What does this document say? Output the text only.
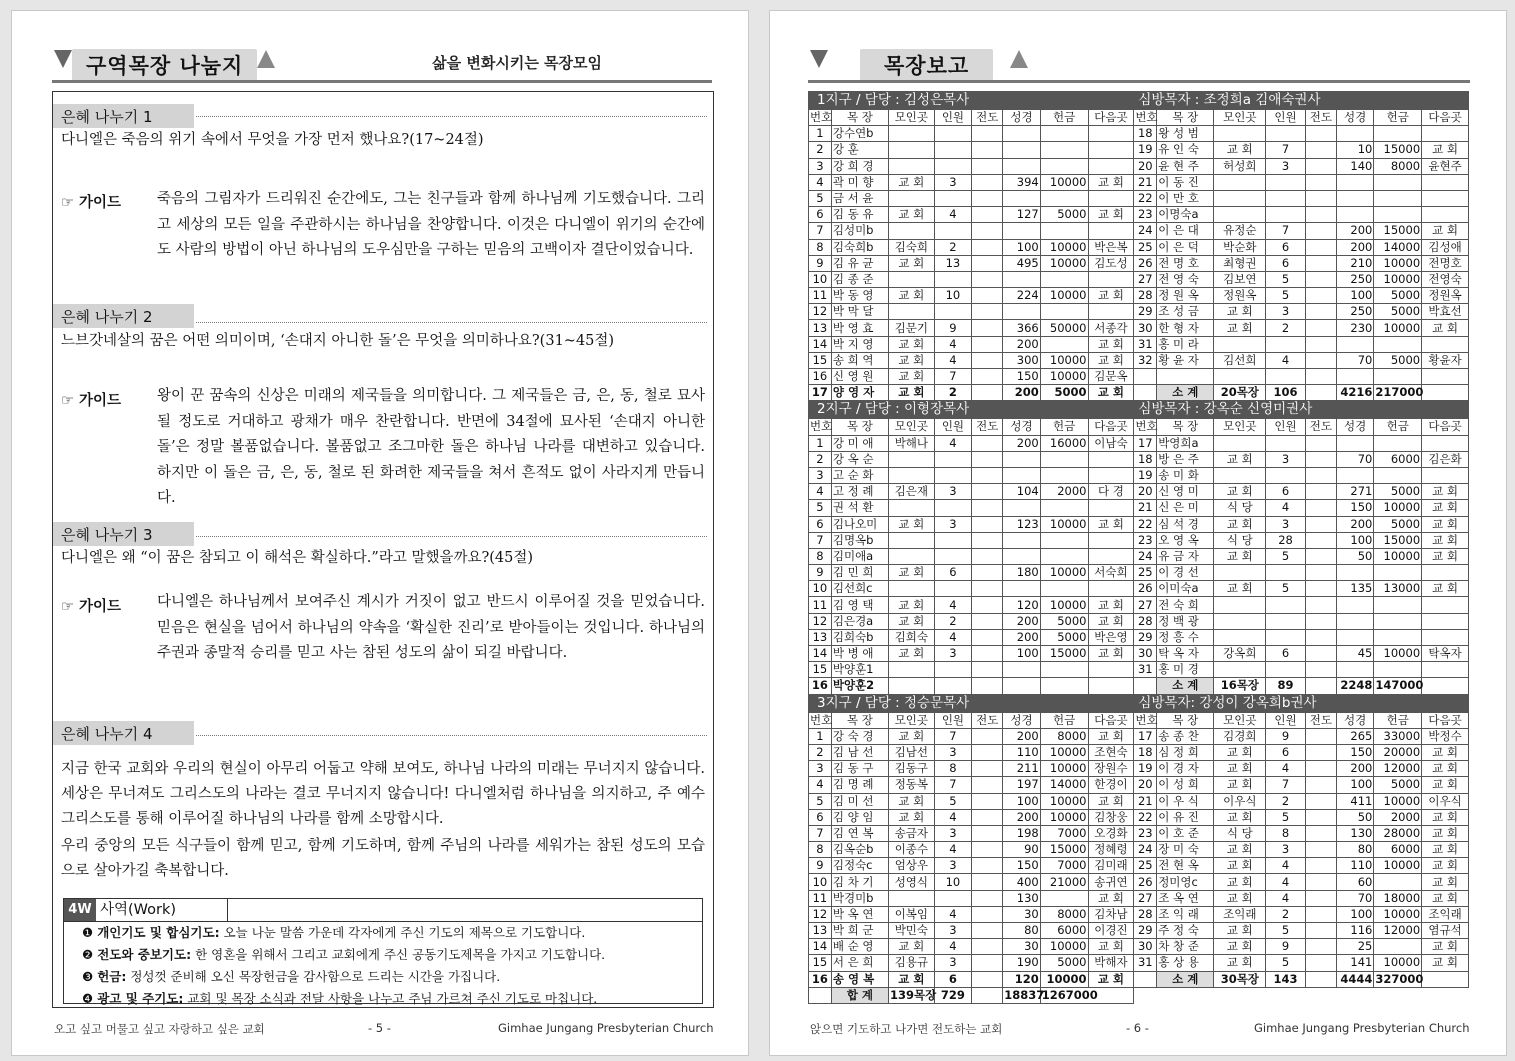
구역목장 나눔지	삶을 변화시키는 목장모임
은혜 나누기 1
다니엘은 죽음의 위기 속에서 무엇을 가장 먼저 했나요?(17~24절)
☞ 가이드 죽음의 그림자가 드리워진 순간에도, 그는 친구들과 함께 하나님께 기도했습니다. 그리고 세상의 모든 일을 주관하시는 하나님을 찬양합니다. 이것은 다니엘이 위기의 순간에도 사람의 방법이 아닌 하나님의 도우심만을 구하는 믿음의 고백이자 결단이었습니다.
은혜 나누기 2
느브갓네살의 꿈은 어떤 의미이며, ‘손대지 아니한 돌’은 무엇을 의미하나요?(31~45절)
☞ 가이드 왕이 꾼 꿈속의 신상은 미래의 제국들을 의미합니다. 그 제국들은 금, 은, 동, 철로 묘사될 정도로 거대하고 광채가 매우 찬란합니다. 반면에 34절에 묘사된 ‘손대지 아니한 돌’은 정말 볼품없습니다. 볼품없고 조그마한 돌은 하나님 나라를 대변하고 있습니다. 하지만 이 돌은 금, 은, 동, 철로 된 화려한 제국들을 쳐서 흔적도 없이 사라지게 만듭니다.
은혜 나누기 3
다니엘은 왜 “이 꿈은 참되고 이 해석은 확실하다.”라고 말했을까요?(45절)
☞ 가이드 다니엘은 하나님께서 보여주신 계시가 거짓이 없고 반드시 이루어질 것을 믿었습니다. 믿음은 현실을 넘어서 하나님의 약속을 ‘확실한 진리’로 받아들이는 것입니다. 하나님의 주권과 종말적 승리를 믿고 사는 참된 성도의 삶이 되길 바랍니다.
은혜 나누기 4
지금 한국 교회와 우리의 현실이 아무리 어둡고 약해 보여도, 하나님 나라의 미래는 무너지지 않습니다. 세상은 무너져도 그리스도의 나라는 결코 무너지지 않습니다! 다니엘처럼 하나님을 의지하고, 주 예수 그리스도를 통해 이루어질 하나님의 나라를 함께 소망합시다.
우리 중앙의 모든 식구들이 함께 믿고, 함께 기도하며, 함께 주님의 나라를 세워가는 참된 성도의 모습으로 살아가길 축복합니다.
4W 사역(Work)
❶ 개인기도 및 합심기도: 오늘 나눈 말씀 가운데 각자에게 주신 기도의 제목으로 기도합니다.
❷ 전도와 중보기도: 한 영혼을 위해서 그리고 교회에게 주신 공동기도제목을 가지고 기도합니다.
❸ 헌금: 정성껏 준비해 오신 목장헌금을 감사함으로 드리는 시간을 가집니다.
❹ 광고 및 주기도: 교회 및 목장 소식과 전달 사항을 나누고 주님 가르쳐 주신 기도로 마칩니다.
오고 싶고 머물고 싶고 자랑하고 싶은 교회	- 5 -	Gimhae Jungang Presbyterian Church
목장보고
1지구 / 담당 : 김성은목사								심방목자 : 조정희a 김애숙권사							
번호	목 장	모인곳	인원	전도	성경	헌금	다음곳	번호	목 장	모인곳	인원	전도	성경	헌금	다음곳
1	강수연b							18	왕 성 범						
2	강 훈							19	유 인 숙	교 회	7		10	15000	교 회
3	강 희 경							20	윤 현 주	허성희	3		140	8000	윤현주
4	곽 미 향	교 회	3		394	10000	교 회	21	이 동 진						
5	금 서 윤							22	이 만 호						
6	김 동 유	교 회	4		127	5000	교 회	23	이명숙a						
7	김성미b							24	이 은 대	유정순	7		200	15000	교 회
8	김숙희b	김숙희	2		100	10000	박은복	25	이 은 덕	박순화	6		200	14000	김성애
9	김 유 균	교 회	13		495	10000	김도성	26	전 명 호	최형권	6		210	10000	전명호
10	김 종 준							27	전 영 숙	김보연	5		250	10000	전영숙
11	박 동 영	교 회	10		224	10000	교 회	28	정 원 옥	정원옥	5		100	5000	정원옥
12	박 막 달							29	조 성 금	교 회	3		250	5000	박효선
13	박 영 효	김문기	9		366	50000	서종각	30	한 형 자	교 회	2		230	10000	교 회
14	박 지 영	교 회	4		200		교 회	31	홍 미 라						
15	송 희 역	교 회	4		300	10000	교 회	32	황 윤 자	김선희	4		70	5000	황윤자
16	신 영 원	교 회	7		150	10000	김문옥								
17	양 영 자	교 회	2		200	5000	교 회		소 계	20목장	106		4216	217000	
2지구 / 담당 : 이형장목사								심방목자 : 강옥순 신영미권사							
번호	목 장	모인곳	인원	전도	성경	헌금	다음곳	번호	목 장	모인곳	인원	전도	성경	헌금	다음곳
1	강 미 애	박해나	4		200	16000	이남숙	17	박영희a						
2	강 옥 순							18	방 은 주	교 회	3		70	6000	김은화
3	고 순 화							19	송 미 화						
4	고 정 례	김은재	3		104	2000	다 경	20	신 영 미	교 회	6		271	5000	교 회
5	권 석 환							21	신 은 미	식 당	4		150	10000	교 회
6	김나오미	교 회	3		123	10000	교 회	22	심 석 경	교 회	3		200	5000	교 회
7	김명옥b							23	오 영 옥	식 당	28		100	15000	교 회
8	김미애a							24	유 금 자	교 회	5		50	10000	교 회
9	김 민 희	교 회	6		180	10000	서숙희	25	이 경 선						
10	김선희c							26	이미숙a	교 회	5		135	13000	교 회
11	김 영 택	교 회	4		120	10000	교 회	27	전 숙 희						
12	김은경a	교 회	2		200	5000	교 회	28	정 백 광						
13	김희숙b	김희숙	4		200	5000	박은영	29	정 흥 수						
14	박 병 애	교 회	3		100	15000	교 회	30	탁 옥 자	강옥희	6		45	10000	탁옥자
15	박양훈1							31	홍 미 경						
16	박양훈2								소 계	16목장	89		2248	147000	
3지구 / 담당 : 정승문목사								심방목자: 강성이 강옥희b권사							
번호	목 장	모인곳	인원	전도	성경	헌금	다음곳	번호	목 장	모인곳	인원	전도	성경	헌금	다음곳
1	강 숙 경	교 회	7		200	8000	교 회	17	송 종 찬	김경희	9		265	33000	박정수
2	김 남 선	김남선	3		110	10000	조현숙	18	심 정 희	교 회	6		150	20000	교 회
3	김 동 구	김동구	8		211	10000	장원수	19	이 경 자	교 회	4		200	12000	교 회
4	김 명 례	정동복	7		197	14000	한경이	20	이 성 희	교 회	7		100	5000	교 회
5	김 미 선	교 회	5		100	10000	교 회	21	이 우 식	이우식	2		411	10000	이우식
6	김 양 임	교 회	4		200	10000	김창웅	22	이 유 진	교 회	5		50	2000	교 회
7	김 연 복	송금자	3		198	7000	오경화	23	이 호 준	식 당	8		130	28000	교 회
8	김옥순b	이종수	4		90	15000	정혜령	24	장 미 숙	교 회	3		80	6000	교 회
9	김정숙c	엄상우	3		150	7000	김미래	25	전 현 옥	교 회	4		110	10000	교 회
10	김 차 기	성영식	10		400	21000	송귀연	26	정미영c	교 회	4		60		교 회
11	박경미b				130		교 회	27	조 옥 연	교 회	4		70	18000	교 회
12	박 옥 연	이복임	4		30	8000	김차남	28	조 익 래	조익래	2		100	10000	조익래
13	박 희 군	박민숙	3		80	6000	이경진	29	주 정 숙	교 회	5		116	12000	염규석
14	배 순 영	교 회	4		30	10000	교 회	30	차 창 준	교 회	9		25		교 회
15	서 은 희	김용규	3		190	5000	박해자	31	홍 상 용	교 회	5		141	10000	교 회
16	송 영 복	교 회	6		120	10000	교 회		소 계	30목장	143		4444	327000	
	합 계	139목장	729		18837	1267000									
앉으면 기도하고 나가면 전도하는 교회	- 6 -	Gimhae Jungang Presbyterian Church
